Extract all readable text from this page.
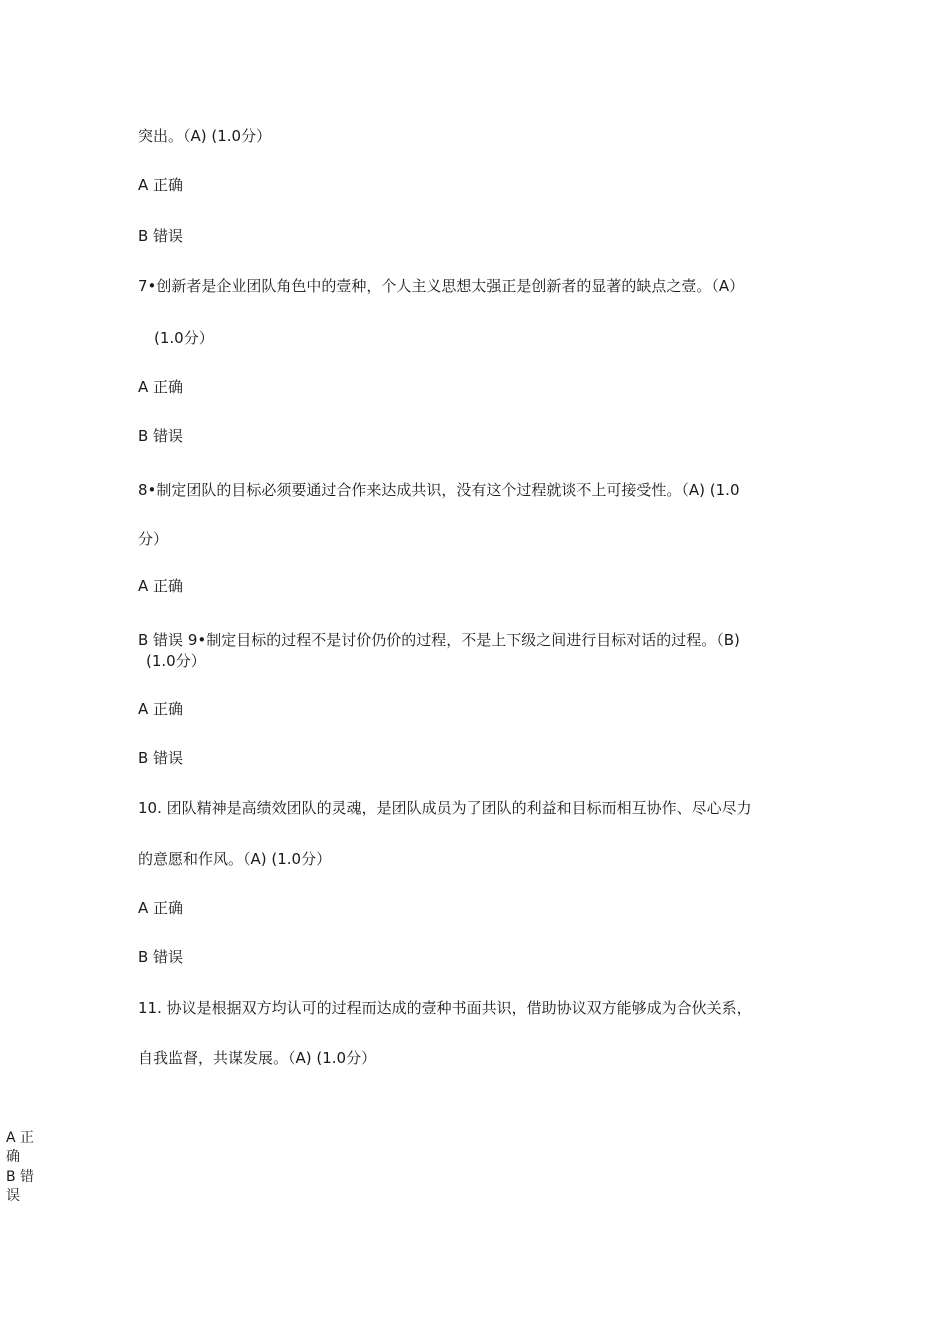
突出。（A) (1.0分）
A 正确
B 错误
7•创新者是企业团队角色中的壹种，个人主义思想太强正是创新者的显著的缺点之壹。（A）
(1.0分）
A 正确
B 错误
8•制定团队的目标必须要通过合作来达成共识，没有这个过程就谈不上可接受性。（A) (1.0
分）
A 正确
B 错误 9•制定目标的过程不是讨价仍价的过程，不是上下级之间进行目标对话的过程。（B)
(1.0分）
A 正确
B 错误
10. 团队精神是高绩效团队的灵魂，是团队成员为了团队的利益和目标而相互协作、尽心尽力
的意愿和作风。（A) (1.0分）
A 正确
B 错误
11. 协议是根据双方均认可的过程而达成的壹种书面共识，借助协议双方能够成为合伙关系，
自我监督，共谋发展。（A) (1.0分）
A 正
确
B 错
误
